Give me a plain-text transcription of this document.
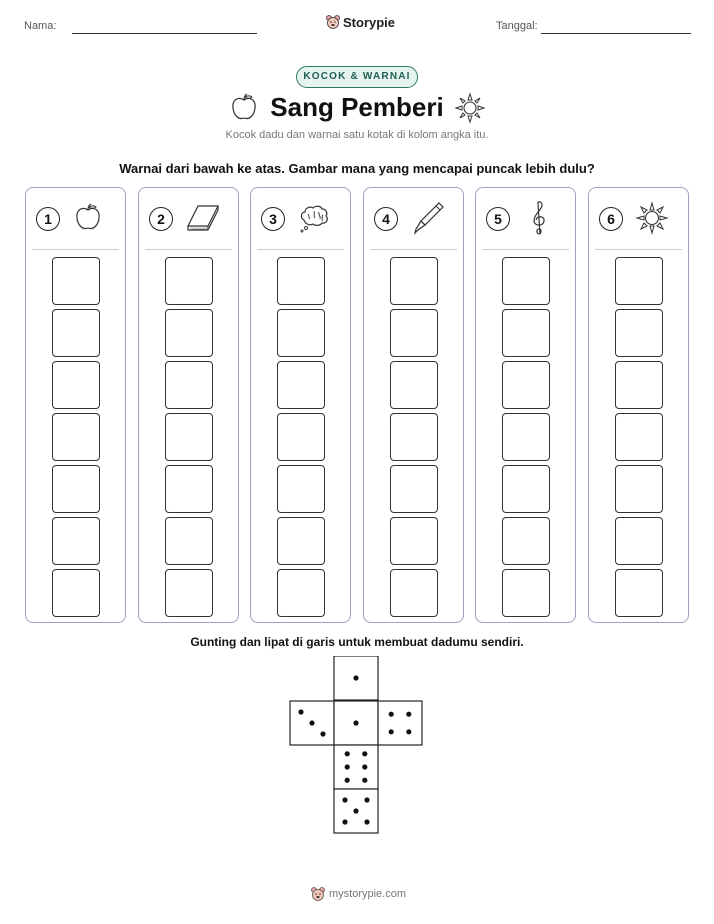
Nama:	Storypie	Tanggal:
KOCOK & WARNAI
Sang Pemberi
Kocok dadu dan warnai satu kotak di kolom angka itu.
Warnai dari bawah ke atas. Gambar mana yang mencapai puncak lebih dulu?
1	2	3	4	5	6
Gunting dan lipat di garis untuk membuat dadumu sendiri.
mystorypie.com
